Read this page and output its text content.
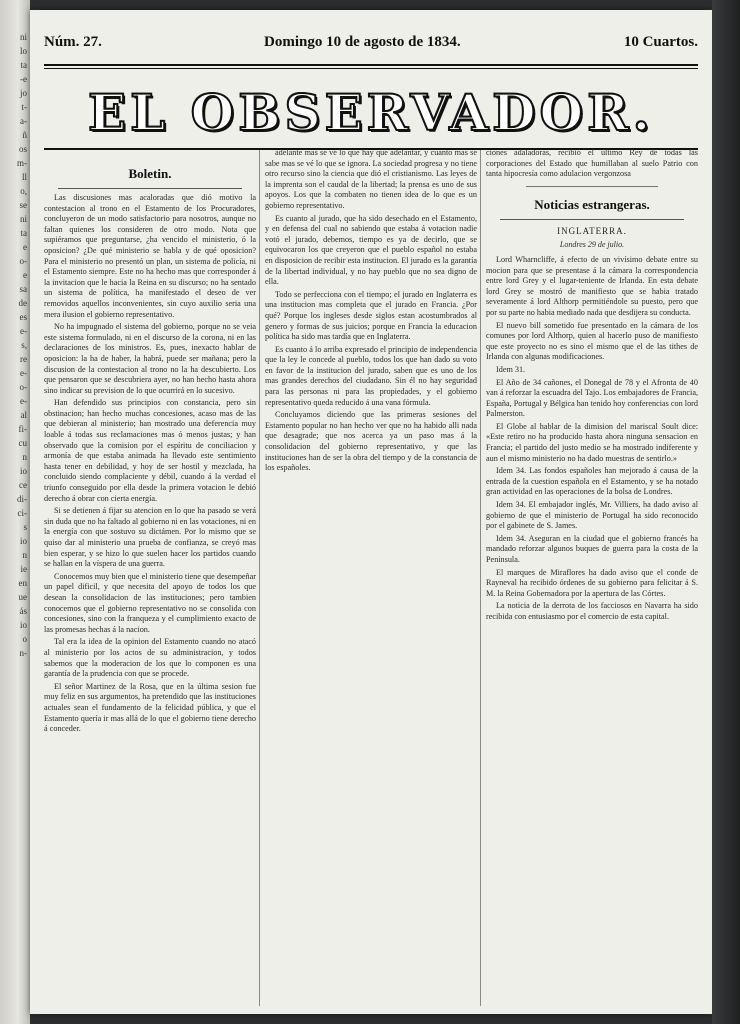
ni
lo
ta
-e
jo
t-
a-
ñ
os
m-
ll
o,
se
ni
ta
e
o-
e
sa
de
es
e-
s,
re
e-
o-
e-
al
fi-
cu
n
io
ce
di-
ci-
s
io
n
ie
en
ue
ás
io
o
n-
Núm. 27.	Domingo 10 de agosto de 1834.	10 Cuartos.
EL OBSERVADOR.
Boletin.

Las discusiones mas acaloradas que dió motivo la contestacion al trono en el Estamento de los Procuradores, concluyeron de un modo satisfactorio para nosotros, aunque no faltan quienes los consideren de otro modo. Nota que supiéramos que preguntarse, ¿ha vencido el ministerio, ó la oposicion? ¿De qué ministerio se habla y de qué oposicion? Para el ministerio no presentó un plan, un sistema de policía, ni el Estamento siempre. Este no ha hecho mas que corresponder á la invitacion que le hacia la Reina en su discurso; no ha sentado un sistema de política, ha manifestado el deseo de ver removidos aquellos inconvenientes, sin cuyo auxilio seria una mera ilusion el gobierno representativo.

No ha impugnado el sistema del gobierno, porque no se veia este sistema formulado, ni en el discurso de la corona, ni en las declaraciones de los ministros. Es, pues, inexacto hablar de oposicion: la ha de haber, la habrá, puede ser mañana; pero la discusion de la contestacion al trono no la ha descubierto. Los que pensaron que se descubriera ayer, no han hecho hasta ahora sino indicar su prevision de lo que ocurrirá en lo sucesivo.

Han defendido sus principios con constancia, pero sin obstinacion; han hecho muchas concesiones, acaso mas de las que debieran al ministerio; han mostrado una deferencia muy loable á todas sus reclamaciones mas ó menos justas; y han observado que la comision por el espíritu de conciliacion y armonía de que estaba animada ha llevado este sentimiento hasta tener en debilidad, y hoy de ser hostil y mezclada, ha concluido siendo complaciente y débil, cuando á la verdad el triunfo conseguido por ella desde la primera votacion le debió derecho á obrar con cierta energía.

Si se detienen á fijar su atencion en lo que ha pasado se verá sin duda que no ha faltado al gobierno ni en las votaciones, ni en la energía con que sostuvo su dictámen. Por lo mismo que se quiso dar al ministerio una prueba de confianza, se creyó mas bien esperar, y se hizo lo que suelen hacer los partidos cuando se hallan en la víspera de una guerra.

Conocemos muy bien que el ministerio tiene que desempeñar un papel dificil, y que necesita del apoyo de todos los que desean la consolidacion de las instituciones; pero tambien conocemos que el gobierno representativo no se consolida con concesiones, sino con la franqueza y el cumplimiento exacto de las promesas hechas á la nacion.

Tal era la idea de la opinion del Estamento cuando no atacó al ministerio por los actos de su administracion, y todos sabemos que la moderacion de los que lo componen es una garantía de la prudencia con que se procede.

El señor Martinez de la Rosa, que en la última sesion fue muy feliz en sus argumentos, ha pretendido que las instituciones actuales sean el fundamento de la felicidad pública, y que el Estamento quería ir mas allá de lo que el gobierno tiene derecho á conceder.

adelante mas se vé lo que hay que adelantar, y cuanto mas se sabe mas se vé lo que se ignora. La sociedad progresa y no tiene otro recurso sino la ciencia que dió el cristianismo. Las leyes de la imprenta son el caudal de la libertad; la prensa es uno de sus apoyos. Los que la combaten no tienen idea de lo que es un gobierno representativo.

Es cuanto al jurado, que ha sido desechado en el Estamento, y en defensa del cual no sabiendo que estaba á votacion nadie votó el jurado, debemos, tiempo es ya de decirlo, que se equivocaron los que creyeron que el pueblo español no estaba en disposicion de recibir esta institucion. El jurado es la garantía de la libertad individual, y no hay pueblo que no sea digno de ella.

Todo se perfecciona con el tiempo; el jurado en Inglaterra es una institucion mas completa que el jurado en Francia. ¿Por qué? Porque los ingleses desde siglos estan acostumbrados al genero y formas de sus juicios; porque en Francia la educacion política ha sido mas tardía que en Inglaterra.

Es cuanto á lo arriba expresado el principio de independencia que la ley le concede al pueblo, todos los que han dado su voto en favor de la institucion del jurado, saben que es uno de los mas grandes derechos del ciudadano. Sin él no hay seguridad para las personas ni para las propiedades, y el gobierno representativo queda reducido á una vana fórmula.

Concluyamos diciendo que las primeras sesiones del Estamento popular no han hecho ver que no ha habido alli nada que desagrade; que nos acerca ya un paso mas á la consolidacion del gobierno representativo, y que las instituciones han de ser la obra del tiempo y de la constancia de los españoles.

ciones adaladoras, recibió el último Rey de todas las corporaciones del Estado que humillaban al suelo Patrio con tanta hipocresía como adulacion vergonzosa

Noticias estrangeras.
INGLATERRA.
Londres 29 de julio.

Lord Wharncliffe, á efecto de un vivísimo debate entre su mocion para que se presentase á la cámara la correspondencia entre lord Grey y el lugar-teniente de Irlanda. En esta debate lord Grey se mostró de manifiesto que se habia tratado severamente á lord Althorp permitiéndole su puesto, pero que por su parte no habia mediado nada que desdijera su conducta.

El nuevo bill sometido fue presentado en la cámara de los comunes por lord Althorp, quien al hacerlo puso de manifiesto que este proyecto no es sino el mismo que el de las tithes de Irlanda con algunas modificaciones.

Idem 31.

El Año de 34 cañones, el Donegal de 78 y el Afronta de 40 van á reforzar la escuadra del Tajo. Los embajadores de Francia, España, Portugal y Bélgica han tenido hoy conferencias con lord Palmerston.

El Globe al hablar de la dimision del mariscal Soult dice: «Este retiro no ha producido hasta ahora ninguna sensacion en Francia; el partido del justo medio se ha mostrado indiferente y aun el mismo ministerio no ha dado muestras de sentirlo.»

Idem 34. Las fondos españoles han mejorado á causa de la entrada de la cuestion española en el Estamento, y se ha notado gran actividad en las operaciones de la bolsa de Londres.

Idem 34. El embajador inglés, Mr. Villiers, ha dado aviso al gobierno de que el ministerio de Portugal ha sido reconocido por el gabinete de S. James.

Idem 34. Aseguran en la ciudad que el gobierno francés ha mandado reforzar algunos buques de guerra para la costa de la Península.

El marques de Miraflores ha dado aviso que el conde de Rayneval ha recibido órdenes de su gobierno para felicitar á S. M. la Reina Gobernadora por la apertura de las Córtes.

La noticia de la derrota de los facciosos en Navarra ha sido recibida con entusiasmo por el comercio de esta capital.
